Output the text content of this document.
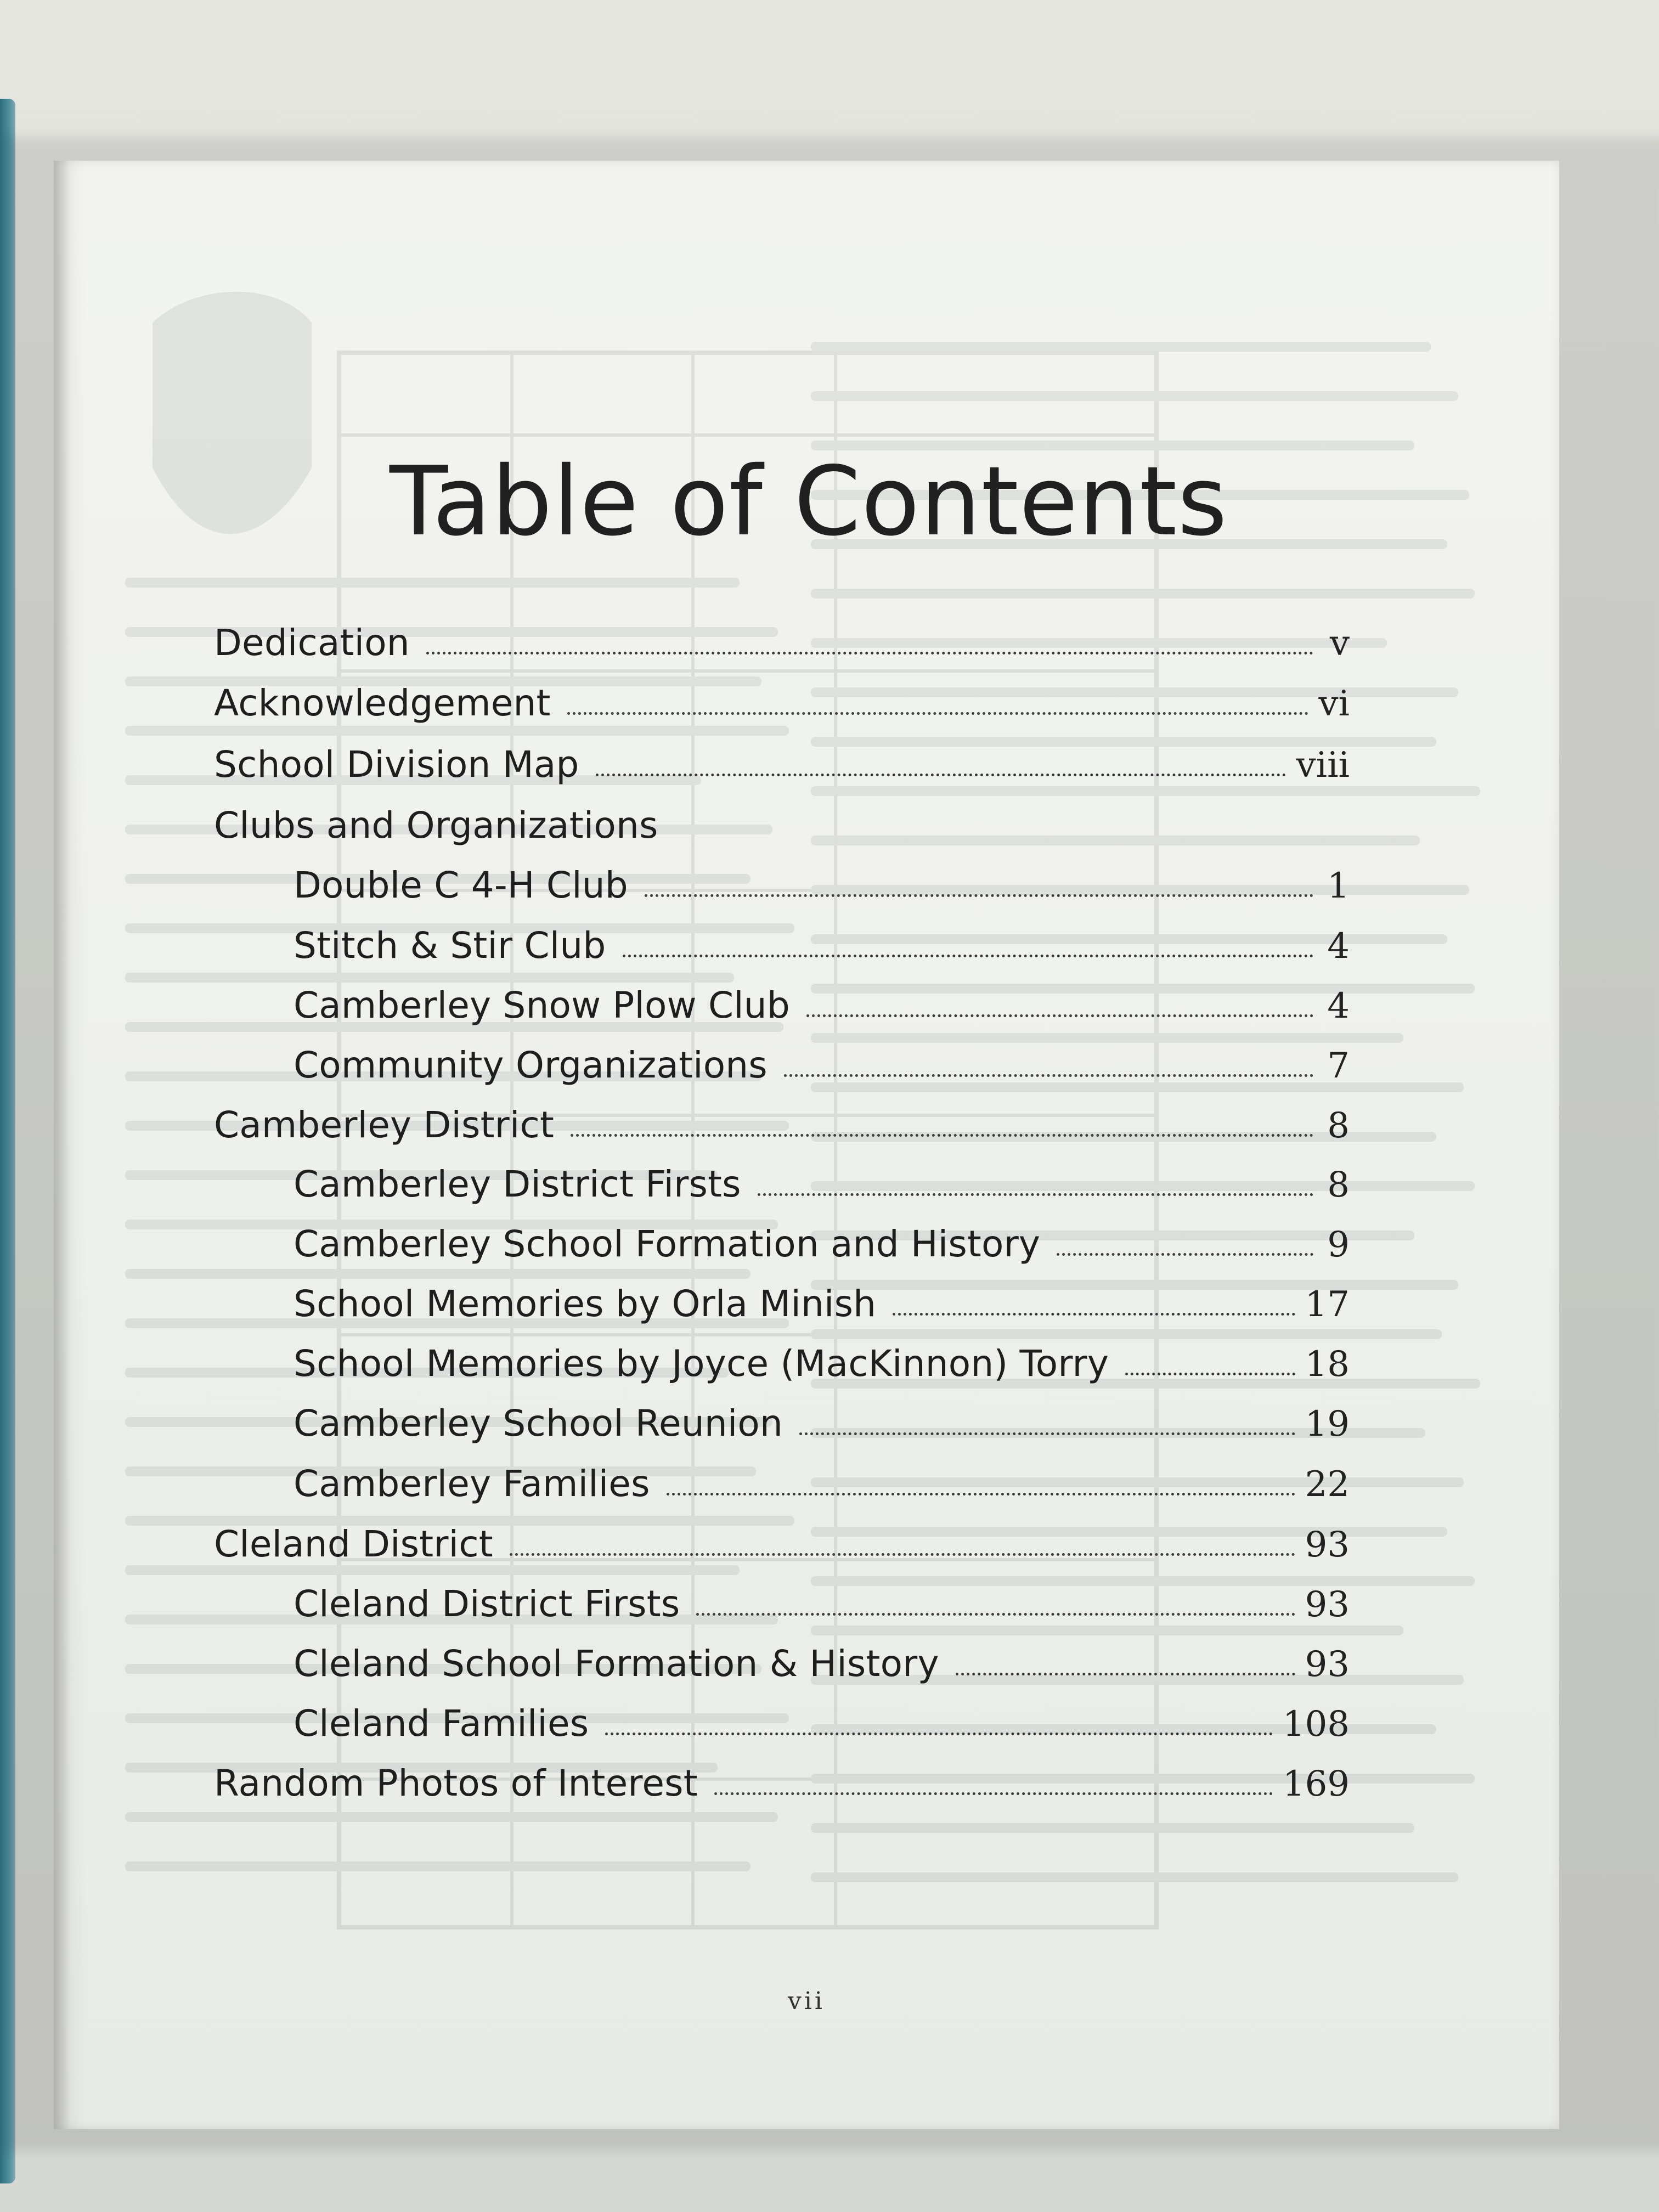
Table of Contents
Dedication	v
Acknowledgement	vi
School Division Map	viii
Clubs and Organizations
Double C 4-H Club	1
Stitch & Stir Club	4
Camberley Snow Plow Club	4
Community Organizations	7
Camberley District	8
Camberley District Firsts	8
Camberley School Formation and History	9
School Memories by Orla Minish	17
School Memories by Joyce (MacKinnon) Torry	18
Camberley School Reunion	19
Camberley Families	22
Cleland District	93
Cleland District Firsts	93
Cleland School Formation & History	93
Cleland Families	108
Random Photos of Interest	169
vii
